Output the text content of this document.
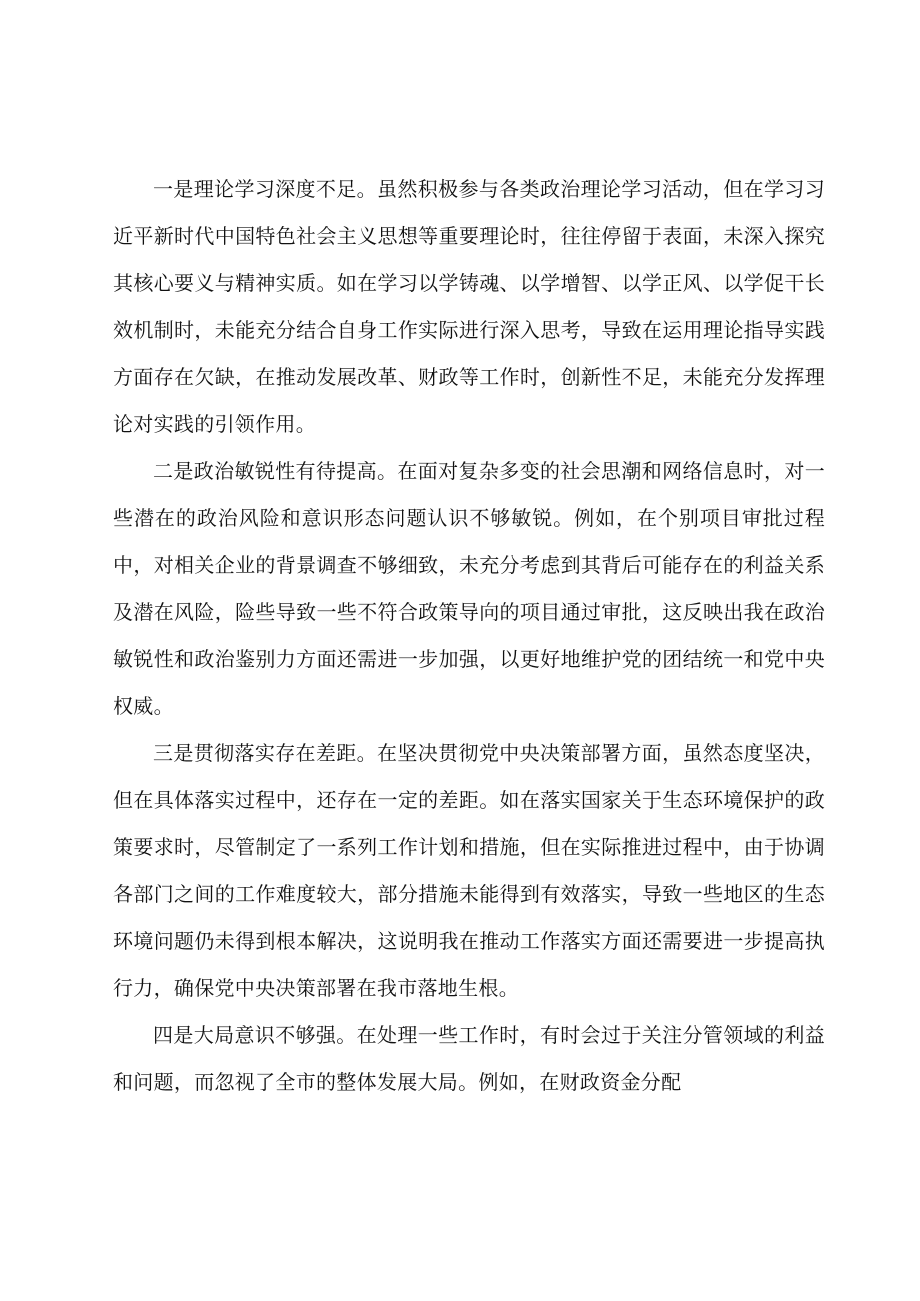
一是理论学习深度不足。虽然积极参与各类政治理论学习活动，但在学习习近平新时代中国特色社会主义思想等重要理论时，往往停留于表面，未深入探究其核心要义与精神实质。如在学习以学铸魂、以学增智、以学正风、以学促干长效机制时，未能充分结合自身工作实际进行深入思考，导致在运用理论指导实践方面存在欠缺，在推动发展改革、财政等工作时，创新性不足，未能充分发挥理论对实践的引领作用。

二是政治敏锐性有待提高。在面对复杂多变的社会思潮和网络信息时，对一些潜在的政治风险和意识形态问题认识不够敏锐。例如，在个别项目审批过程中，对相关企业的背景调查不够细致，未充分考虑到其背后可能存在的利益关系及潜在风险，险些导致一些不符合政策导向的项目通过审批，这反映出我在政治敏锐性和政治鉴别力方面还需进一步加强，以更好地维护党的团结统一和党中央权威。

三是贯彻落实存在差距。在坚决贯彻党中央决策部署方面，虽然态度坚决，但在具体落实过程中，还存在一定的差距。如在落实国家关于生态环境保护的政策要求时，尽管制定了一系列工作计划和措施，但在实际推进过程中，由于协调各部门之间的工作难度较大，部分措施未能得到有效落实，导致一些地区的生态环境问题仍未得到根本解决，这说明我在推动工作落实方面还需要进一步提高执行力，确保党中央决策部署在我市落地生根。

四是大局意识不够强。在处理一些工作时，有时会过于关注分管领域的利益和问题，而忽视了全市的整体发展大局。例如，在财政资金分配
